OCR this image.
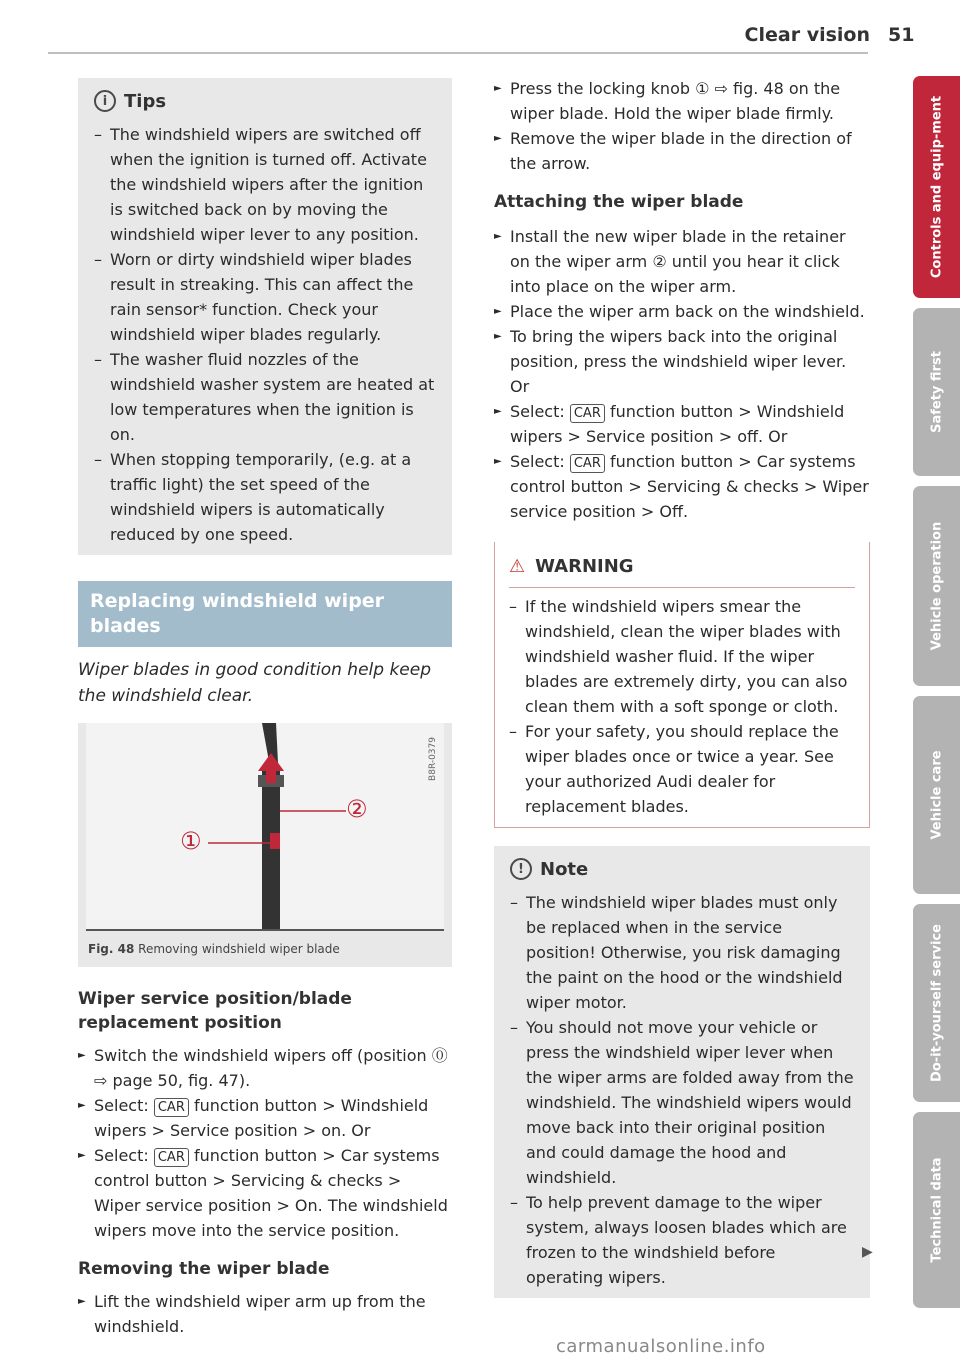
Clear vision 51
i Tips
– The windshield wipers are switched off when the ignition is turned off. Activate the windshield wipers after the ignition is switched back on by moving the windshield wiper lever to any position.
– Worn or dirty windshield wiper blades result in streaking. This can affect the rain sensor* function. Check your windshield wiper blades regularly.
– The washer fluid nozzles of the windshield washer system are heated at low temperatures when the ignition is on.
– When stopping temporarily, (e.g. at a traffic light) the set speed of the windshield wipers is automatically reduced by one speed.
Replacing windshield wiper blades

Wiper blades in good condition help keep the windshield clear.

②
①
B8R-0379
Fig. 48 Removing windshield wiper blade
Wiper service position/blade replacement position
► Switch the windshield wipers off (position ⓪ ⇨ page 50, fig. 47).
► Select: CAR function button > Windshield wipers > Service position > on. Or
► Select: CAR function button > Car systems control button > Servicing & checks > Wiper service position > On. The windshield wipers move into the service position.
Removing the wiper blade
► Lift the windshield wiper arm up from the windshield.
► Press the locking knob ① ⇨ fig. 48 on the wiper blade. Hold the wiper blade firmly.
► Remove the wiper blade in the direction of the arrow.
Attaching the wiper blade
► Install the new wiper blade in the retainer on the wiper arm ② until you hear it click into place on the wiper arm.
► Place the wiper arm back on the windshield.
► To bring the wipers back into the original position, press the windshield wiper lever. Or
► Select: CAR function button > Windshield wipers > Service position > off. Or
► Select: CAR function button > Car systems control button > Servicing & checks > Wiper service position > Off.
⚠ WARNING
– If the windshield wipers smear the windshield, clean the wiper blades with windshield washer fluid. If the wiper blades are extremely dirty, you can also clean them with a soft sponge or cloth.
– For your safety, you should replace the wiper blades once or twice a year. See your authorized Audi dealer for replacement blades.
! Note
– The windshield wiper blades must only be replaced when in the service position! Otherwise, you risk damaging the paint on the hood or the windshield wiper motor.
– You should not move your vehicle or press the windshield wiper lever when the wiper arms are folded away from the windshield. The windshield wipers would move back into their original position and could damage the hood and windshield.
– To help prevent damage to the wiper system, always loosen blades which are frozen to the windshield before operating wipers.
▶
Controls and equip-ment
Safety first
Vehicle operation
Vehicle care
Do-it-yourself service
Technical data
carmanualsonline.info
